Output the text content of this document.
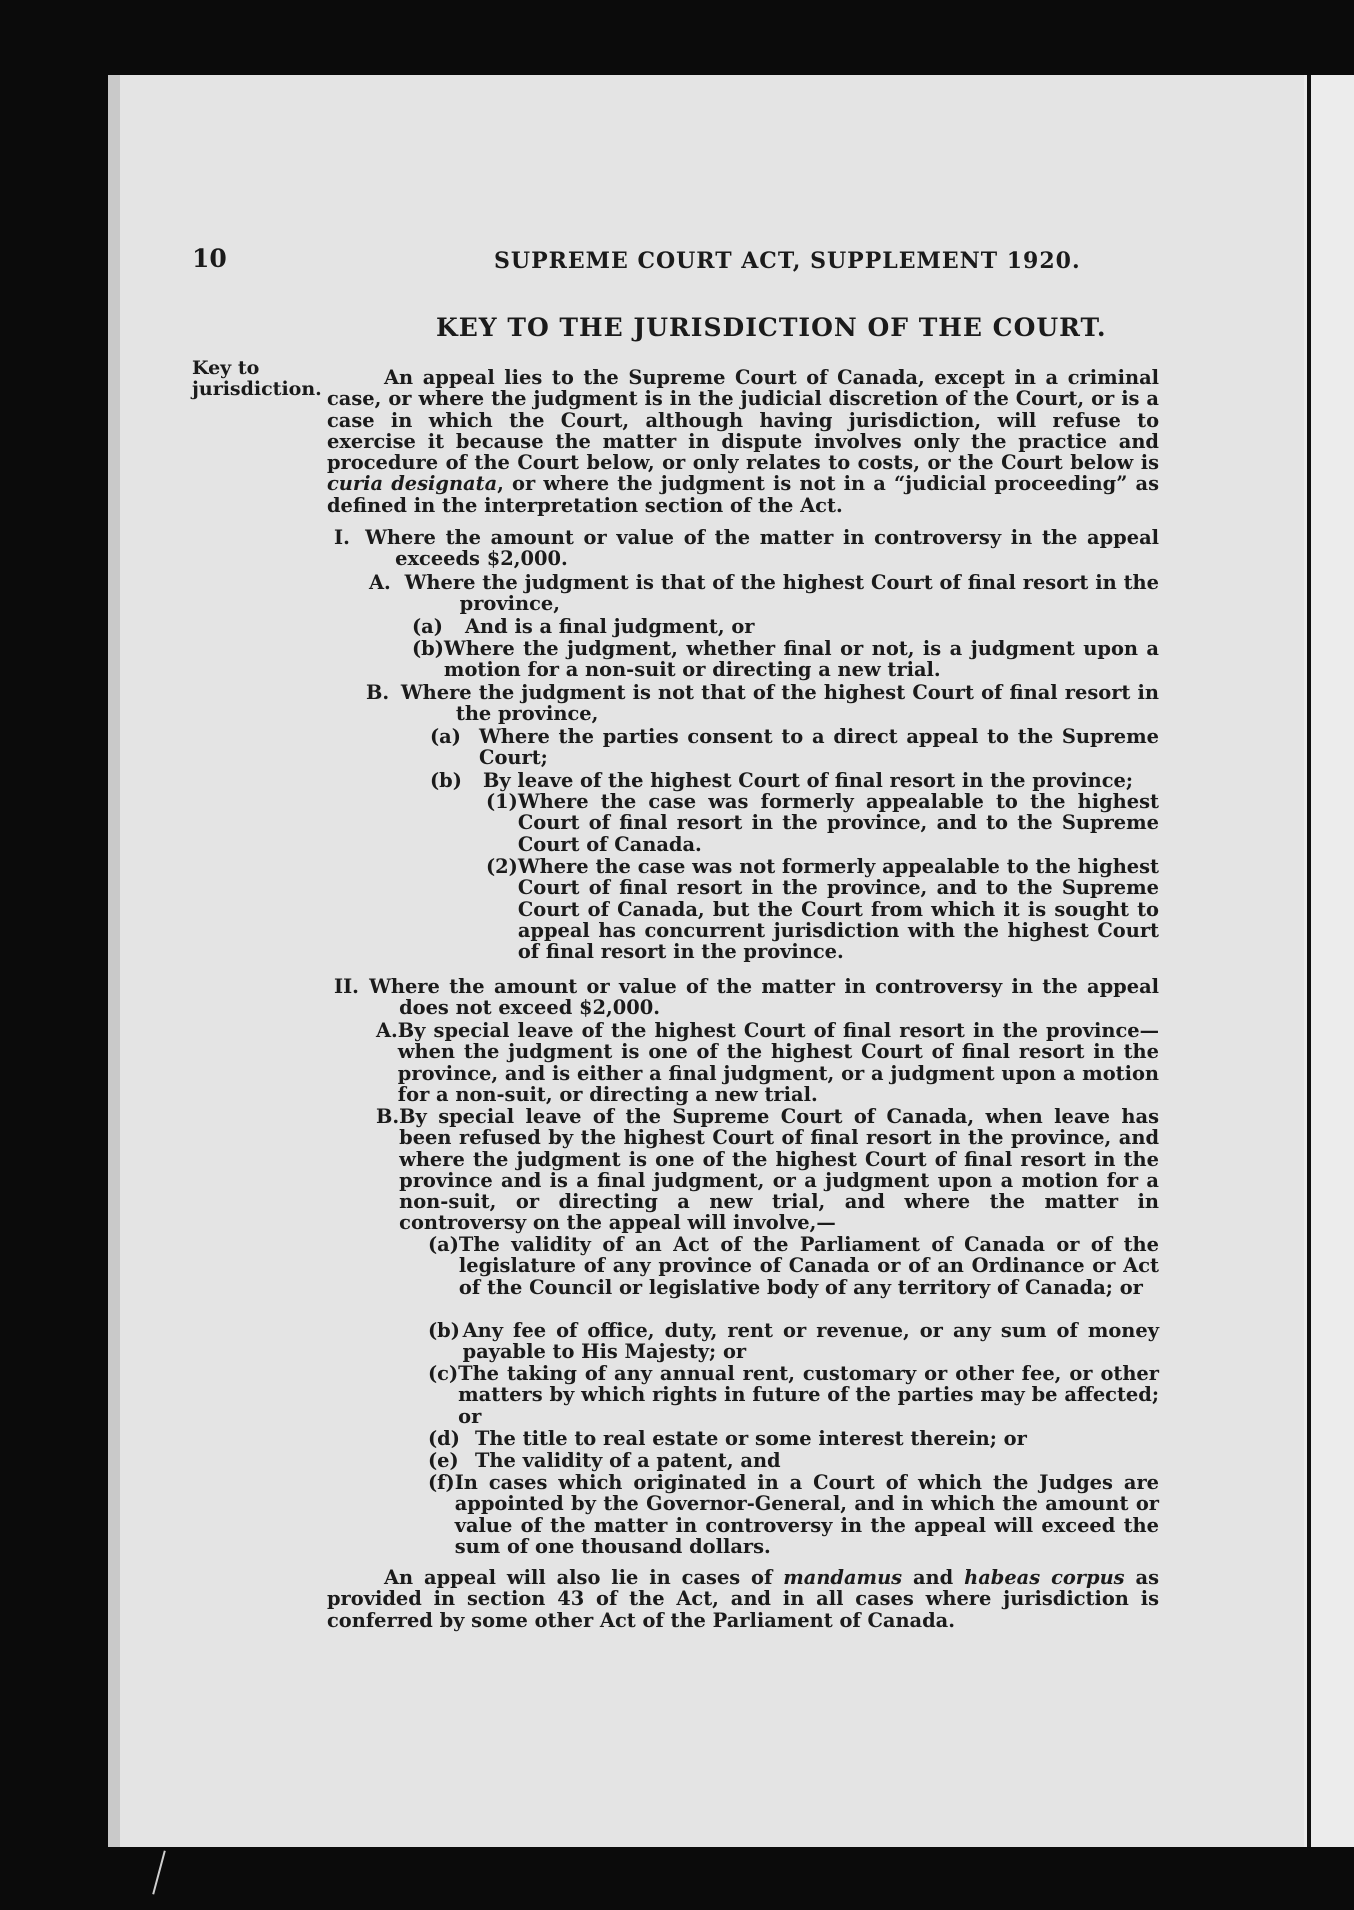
10	SUPREME COURT ACT, SUPPLEMENT 1920.
KEY TO THE JURISDICTION OF THE COURT.
Key to jurisdiction.	An appeal lies to the Supreme Court of Canada, except in a criminal case, or where the judgment is in the judicial discretion of the Court, or is a case in which the Court, although having jurisdiction, will refuse to exercise it because the matter in dispute involves only the practice and procedure of the Court below, or only relates to costs, or the Court below is curia designata, or where the judgment is not in a “judicial proceeding” as defined in the interpretation section of the Act.

I. Where the amount or value of the matter in controversy in the appeal exceeds $2,000.
A. Where the judgment is that of the highest Court of final resort in the province,
(a)	And is a final judgment, or
(b) Where the judgment, whether final or not, is a judgment upon a motion for a non-suit or directing a new trial.
B. Where the judgment is not that of the highest Court of final resort in the province,
(a) Where the parties consent to a direct appeal to the Supreme Court;
(b)	By leave of the highest Court of final resort in the province;
(1) Where the case was formerly appealable to the highest Court of final resort in the province, and to the Supreme Court of Canada.
(2) Where the case was not formerly appealable to the highest Court of final resort in the province, and to the Supreme Court of Canada, but the Court from which it is sought to appeal has concurrent jurisdiction with the highest Court of final resort in the province.
II. Where the amount or value of the matter in controversy in the appeal does not exceed $2,000.
A. By special leave of the highest Court of final resort in the province—when the judgment is one of the highest Court of final resort in the province, and is either a final judgment, or a judgment upon a motion for a non-suit, or directing a new trial.
B. By special leave of the Supreme Court of Canada, when leave has been refused by the highest Court of final resort in the province, and where the judgment is one of the highest Court of final resort in the province and is a final judgment, or a judgment upon a motion for a non-suit, or directing a new trial, and where the matter in controversy on the appeal will involve,—
(a) The validity of an Act of the Parliament of Canada or of the legislature of any province of Canada or of an Ordinance or Act of the Council or legislative body of any territory of Canada; or
(b) Any fee of office, duty, rent or revenue, or any sum of money payable to His Majesty; or
(c) The taking of any annual rent, customary or other fee, or other matters by which rights in future of the parties may be affected; or
(d) The title to real estate or some interest therein; or
(e) The validity of a patent, and
(f) In cases which originated in a Court of which the Judges are appointed by the Governor-General, and in which the amount or value of the matter in controversy in the appeal will exceed the sum of one thousand dollars.

An appeal will also lie in cases of mandamus and habeas corpus as provided in section 43 of the Act, and in all cases where jurisdiction is conferred by some other Act of the Parliament of Canada.
